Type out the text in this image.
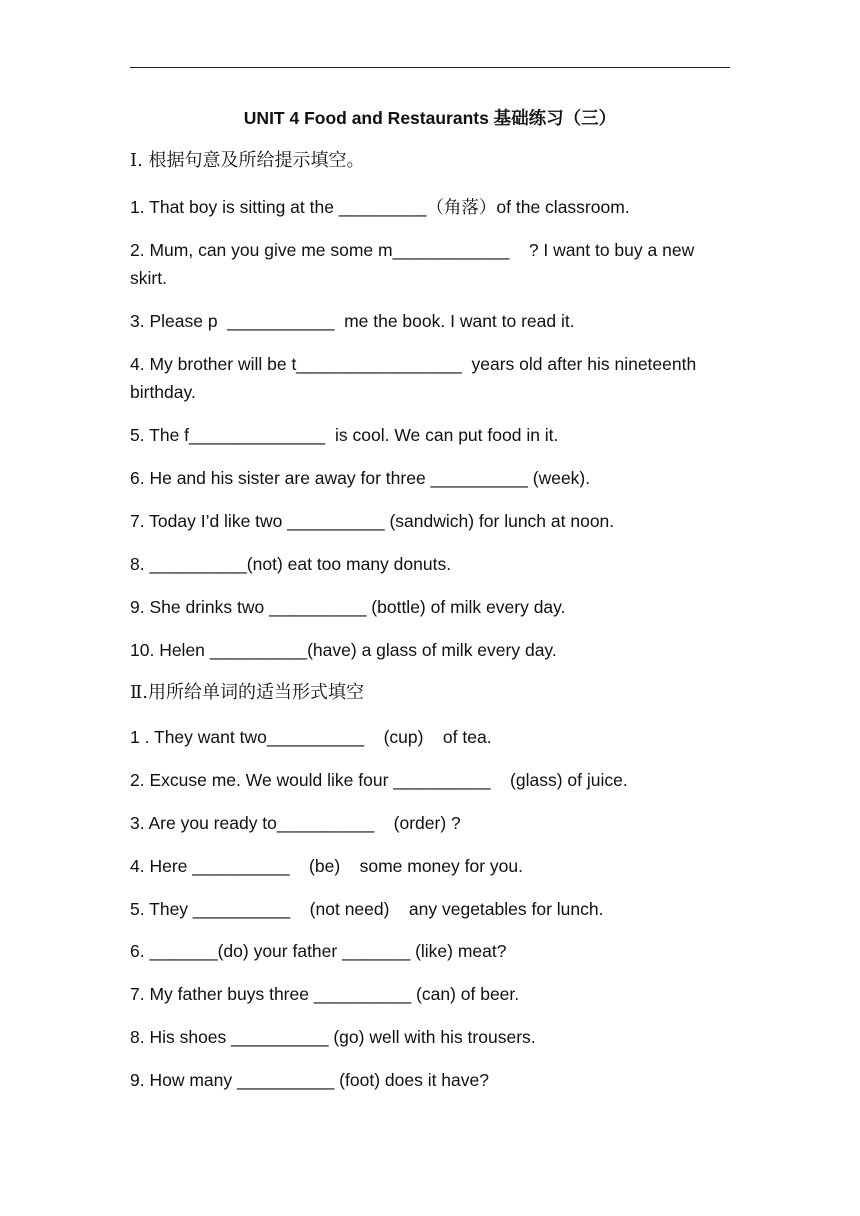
UNIT 4 Food and Restaurants 基础练习（三）
Ⅰ. 根据句意及所给提示填空。
1. That boy is sitting at the _________（角落）of the classroom.
2. Mum, can you give me some m____________    ? I want to buy a new skirt.
3. Please p  ___________  me the book. I want to read it.
4. My brother will be t_________________  years old after his nineteenth birthday.
5. The f______________  is cool. We can put food in it.
6. He and his sister are away for three __________ (week).
7. Today I’d like two __________ (sandwich) for lunch at noon.
8. __________(not) eat too many donuts.
9. She drinks two __________ (bottle) of milk every day.
10. Helen __________(have) a glass of milk every day.
Ⅱ.用所给单词的适当形式填空
1 . They want two__________    (cup)    of tea.
2. Excuse me. We would like four __________    (glass) of juice.
3. Are you ready to__________    (order) ?
4. Here __________    (be)    some money for you.
5. They __________    (not need)    any vegetables for lunch.
6. _______(do) your father _______ (like) meat?
7. My father buys three __________ (can) of beer.
8. His shoes __________ (go) well with his trousers.
9. How many __________ (foot) does it have?
